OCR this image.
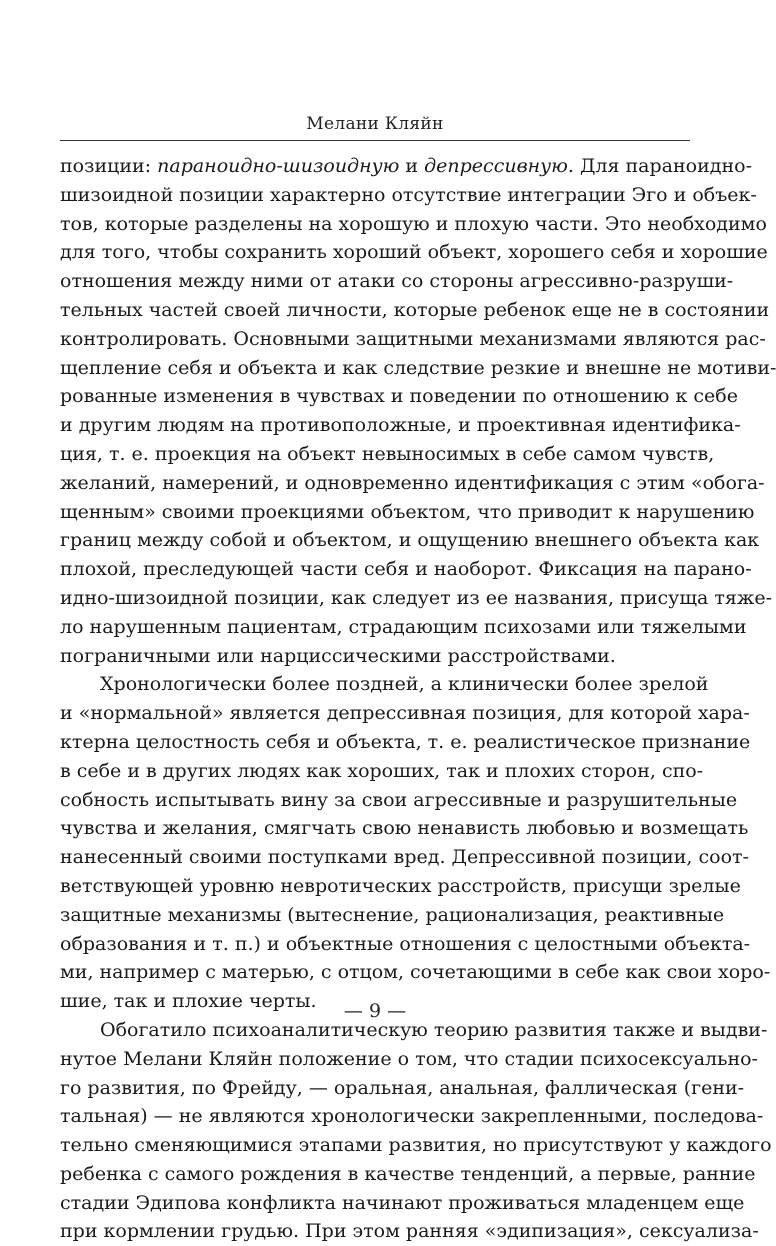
Мелани Кляйн
позиции: параноидно-шизоидную и депрессивную. Для параноидно-
шизоидной позиции характерно отсутствие интеграции Эго и объек-
тов, которые разделены на хорошую и плохую части. Это необходимо
для того, чтобы сохранить хороший объект, хорошего себя и хорошие
отношения между ними от атаки со стороны агрессивно-разруши-
тельных частей своей личности, которые ребенок еще не в состоянии
контролировать. Основными защитными механизмами являются рас-
щепление себя и объекта и как следствие резкие и внешне не мотиви-
рованные изменения в чувствах и поведении по отношению к себе
и другим людям на противоположные, и проективная идентифика-
ция, т. е. проекция на объект невыносимых в себе самом чувств,
желаний, намерений, и одновременно идентификация с этим «обога-
щенным» своими проекциями объектом, что приводит к нарушению
границ между собой и объектом, и ощущению внешнего объекта как
плохой, преследующей части себя и наоборот. Фиксация на парано-
идно-шизоидной позиции, как следует из ее названия, присуща тяже-
ло нарушенным пациентам, страдающим психозами или тяжелыми
пограничными или нарциссическими расстройствами.
Хронологически более поздней, а клинически более зрелой
и «нормальной» является депрессивная позиция, для которой хара-
ктерна целостность себя и объекта, т. е. реалистическое признание
в себе и в других людях как хороших, так и плохих сторон, спо-
собность испытывать вину за свои агрессивные и разрушительные
чувства и желания, смягчать свою ненависть любовью и возмещать
нанесенный своими поступками вред. Депрессивной позиции, соот-
ветствующей уровню невротических расстройств, присущи зрелые
защитные механизмы (вытеснение, рационализация, реактивные
образования и т. п.) и объектные отношения с целостными объекта-
ми, например с матерью, с отцом, сочетающими в себе как свои хоро-
шие, так и плохие черты.
Обогатило психоаналитическую теорию развития также и выдви-
нутое Мелани Кляйн положение о том, что стадии психосексуально-
го развития, по Фрейду, — оральная, анальная, фаллическая (гени-
тальная) — не являются хронологически закрепленными, последова-
тельно сменяющимися этапами развития, но присутствуют у каждого
ребенка с самого рождения в качестве тенденций, а первые, ранние
стадии Эдипова конфликта начинают проживаться младенцем еще
при кормлении грудью. При этом ранняя «эдипизация», сексуализа-
— 9 —
